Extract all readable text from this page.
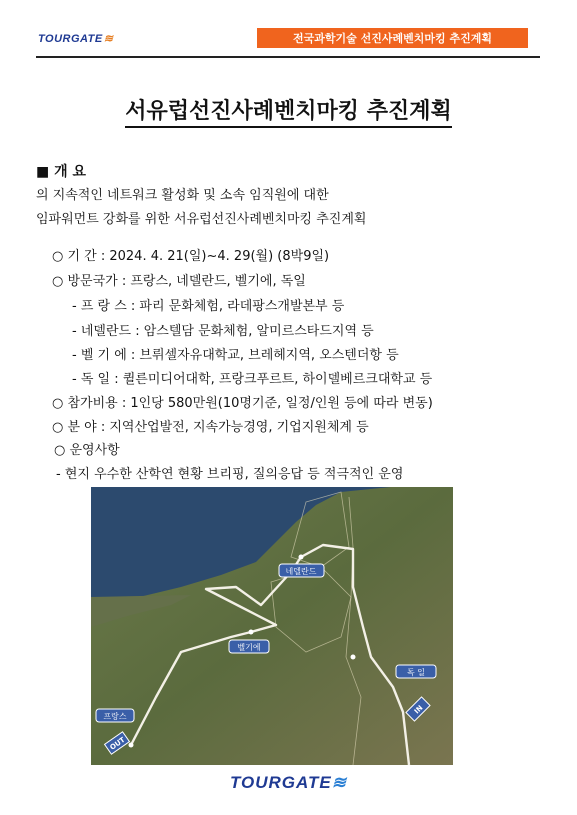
TOURGATE≋	전국과학기술 선진사례벤치마킹 추진계획
서유럽선진사례벤치마킹 추진계획
■ 개 요
의 지속적인 네트워크 활성화 및 소속 임직원에 대한
임파워먼트 강화를 위한 서유럽선진사례벤치마킹 추진계획
○ 기 간 : 2024. 4. 21(일)~4. 29(월) (8박9일)
○ 방문국가 : 프랑스, 네델란드, 벨기에, 독일
- 프 랑 스 : 파리 문화체험, 라데팡스개발본부 등
- 네델란드 : 암스텔담 문화체험, 알미르스타드지역 등
- 벨 기 에 : 브뤼셀자유대학교, 브레헤지역, 오스텐더항 등
- 독 일 : 퀼른미디어대학, 프랑크푸르트, 하이델베르크대학교 등
○ 참가비용 : 1인당 580만원(10명기준, 일정/인원 등에 따라 변동)
○ 분 야 : 지역산업발전, 지속가능경영, 기업지원체계 등
○ 운영사항
- 현지 우수한 산학연 현황 브리핑, 질의응답 등 적극적인 운영
네델란드
벨기에
독 일
프랑스
OUT
IN
TOURGATE≋
